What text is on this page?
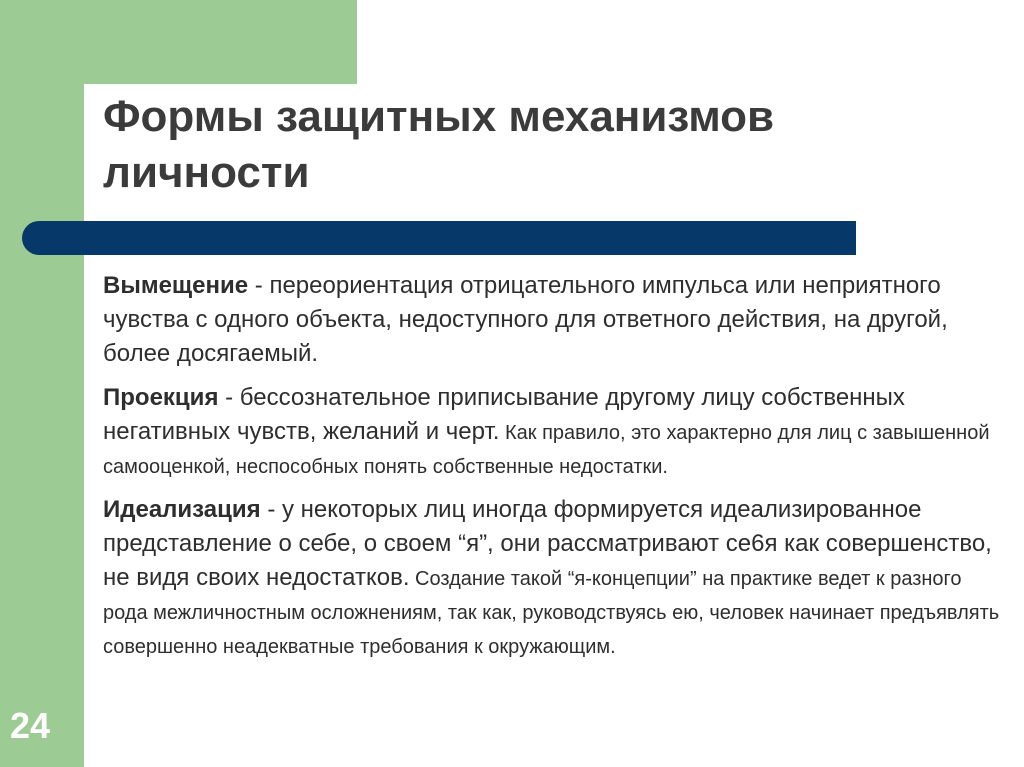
Формы защитных механизмов личности

Вымещение - переориентация отрицательного импульса или неприятного чувства с одного объекта, недоступного для ответного действия, на другой, более досягаемый.

Проекция - бессознательное приписывание другому лицу собственных негативных чувств, желаний и черт. Как правило, это характерно для лиц с завышенной самооценкой, неспособных понять собственные недостатки.

Идеализация - у некоторых лиц иногда формируется идеализированное представление о себе, о своем “я”, они рассматривают се6я как совершенство, не видя своих недостатков. Создание такой “я-концепции” на практике ведет к разного рода межличностным осложнениям, так как, руководствуясь ею, человек начинает предъявлять совершенно неадекватные требования к окружающим.

24
